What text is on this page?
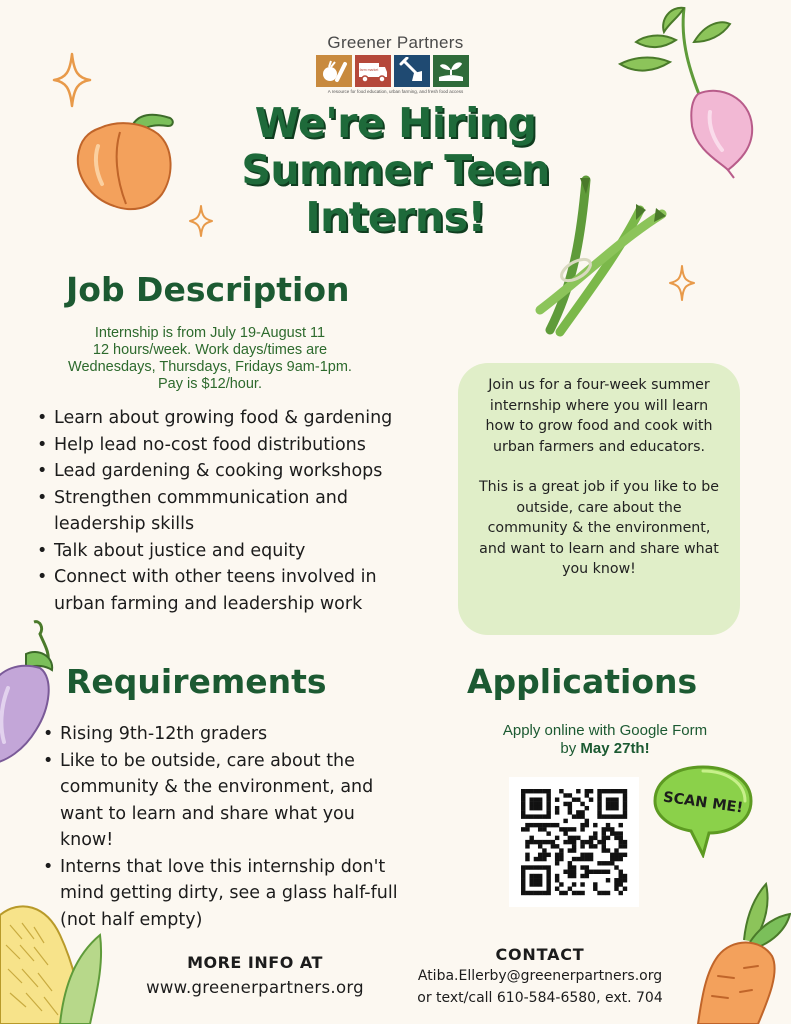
Greener Partners
farm market
A resource for food education, urban farming, and fresh food access
We're Hiring
Summer Teen
Interns!
Job Description
Internship is from July 19-August 11
12 hours/week. Work days/times are
Wednesdays, Thursdays, Fridays 9am-1pm.
Pay is $12/hour.
• Learn about growing food & gardening
• Help lead no-cost food distributions
• Lead gardening & cooking workshops
• Strengthen commmunication and leadership skills
• Talk about justice and equity
• Connect with other teens involved in urban farming and leadership work

Join us for a four-week summer internship where you will learn how to grow food and cook with urban farmers and educators.

This is a great job if you like to be outside, care about the community & the environment, and want to learn and share what you know!

Requirements
• Rising 9th-12th graders
• Like to be outside, care about the community & the environment, and want to learn and share what you know!
• Interns that love this internship don't mind getting dirty, see a glass half-full (not half empty)
Applications
Apply online with Google Form
by May 27th!
SCAN ME!
MORE INFO AT
www.greenerpartners.org
CONTACT
Atiba.Ellerby@greenerpartners.org
or text/call 610-584-6580, ext. 704
